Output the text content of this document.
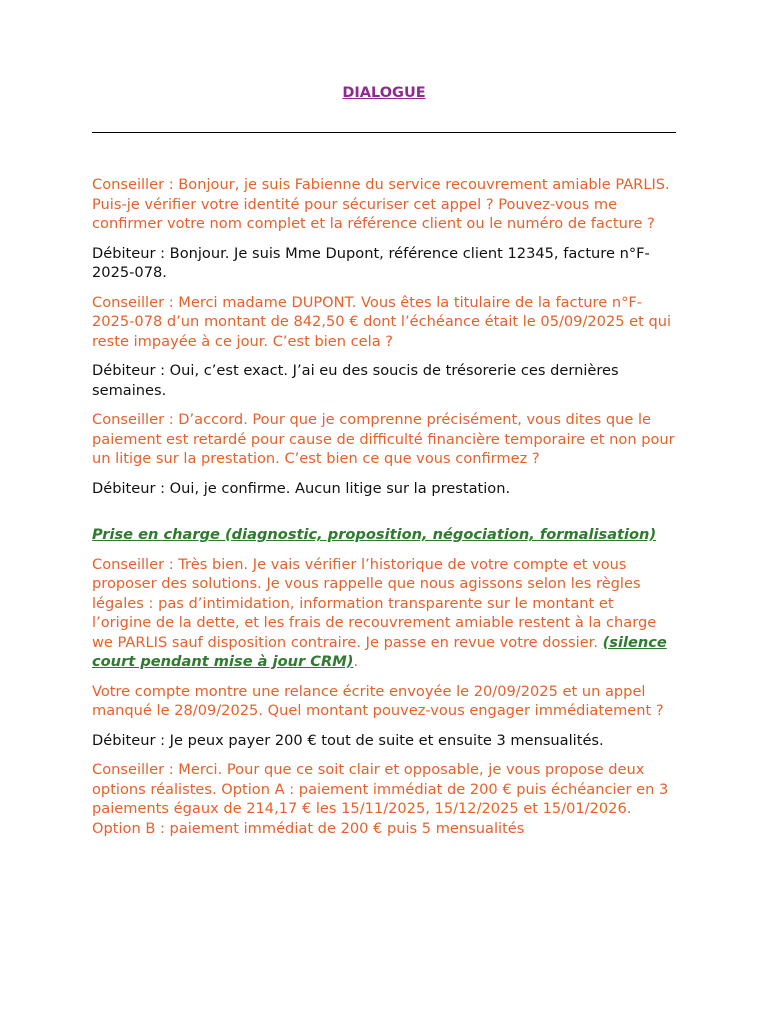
DIALOGUE

Conseiller : Bonjour, je suis Fabienne du service recouvrement amiable PARLIS. Puis-je vérifier votre identité pour sécuriser cet appel ? Pouvez-vous me confirmer votre nom complet et la référence client ou le numéro de facture ?

Débiteur : Bonjour. Je suis Mme Dupont, référence client 12345, facture n°F-2025-078.

Conseiller : Merci madame DUPONT. Vous êtes la titulaire de la facture n°F-2025-078 d’un montant de 842,50 € dont l’échéance était le 05/09/2025 et qui reste impayée à ce jour. C’est bien cela ?

Débiteur : Oui, c’est exact. J’ai eu des soucis de trésorerie ces dernières semaines.

Conseiller : D’accord. Pour que je comprenne précisément, vous dites que le paiement est retardé pour cause de difficulté financière temporaire et non pour un litige sur la prestation. C’est bien ce que vous confirmez ?

Débiteur : Oui, je confirme. Aucun litige sur la prestation.

Prise en charge (diagnostic, proposition, négociation, formalisation)

Conseiller : Très bien. Je vais vérifier l’historique de votre compte et vous proposer des solutions. Je vous rappelle que nous agissons selon les règles légales : pas d’intimidation, information transparente sur le montant et l’origine de la dette, et les frais de recouvrement amiable restent à la charge we PARLIS sauf disposition contraire. Je passe en revue votre dossier. (silence court pendant mise à jour CRM).

Votre compte montre une relance écrite envoyée le 20/09/2025 et un appel manqué le 28/09/2025. Quel montant pouvez-vous engager immédiatement ?

Débiteur : Je peux payer 200 € tout de suite et ensuite 3 mensualités.

Conseiller : Merci. Pour que ce soit clair et opposable, je vous propose deux options réalistes. Option A : paiement immédiat de 200 € puis échéancier en 3 paiements égaux de 214,17 € les 15/11/2025, 15/12/2025 et 15/01/2026. Option B : paiement immédiat de 200 € puis 5 mensualités
